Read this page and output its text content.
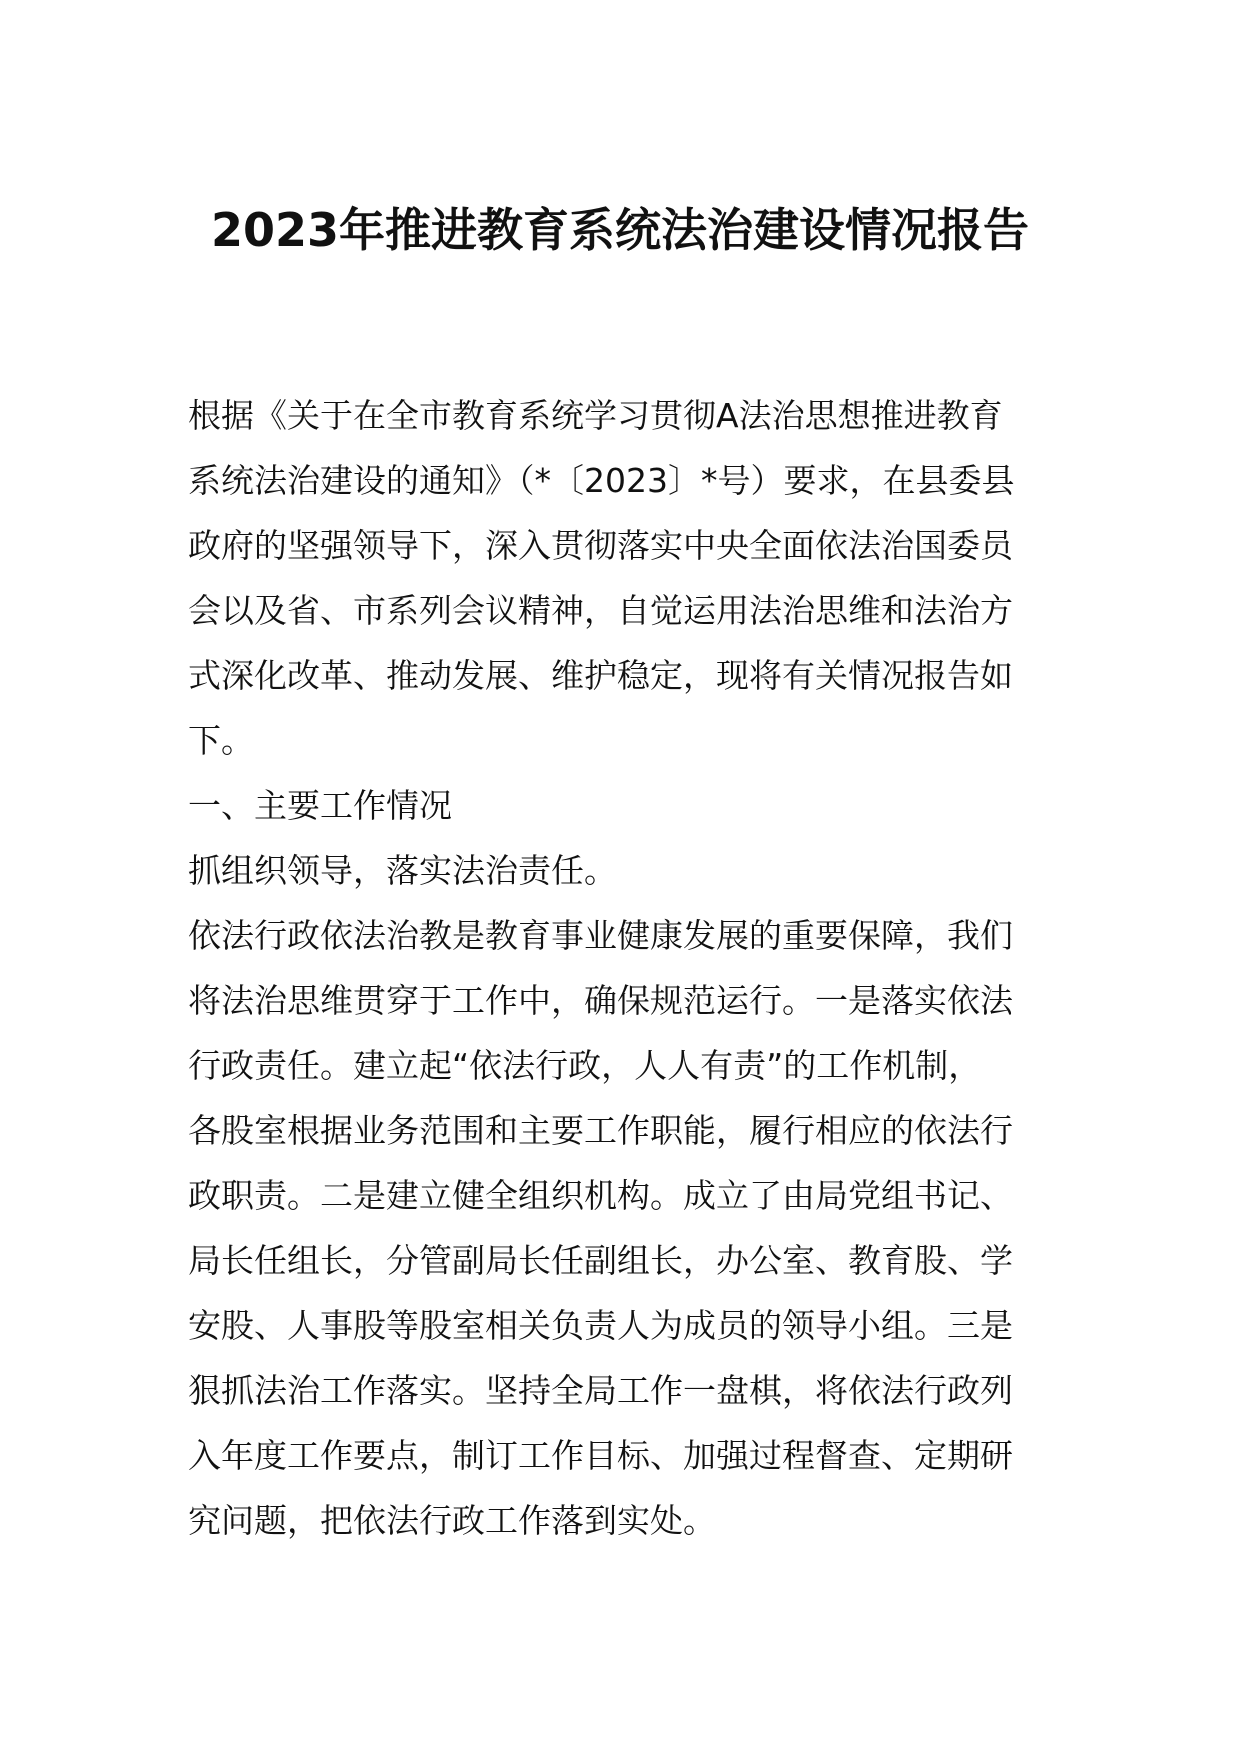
2023年推进教育系统法治建设情况报告
根据《关于在全市教育系统学习贯彻A法治思想推进教育
系统法治建设的通知》（*〔2023〕*号）要求，在县委县
政府的坚强领导下，深入贯彻落实中央全面依法治国委员
会以及省、市系列会议精神，自觉运用法治思维和法治方
式深化改革、推动发展、维护稳定，现将有关情况报告如
下。
一、主要工作情况
抓组织领导，落实法治责任。
依法行政依法治教是教育事业健康发展的重要保障，我们
将法治思维贯穿于工作中，确保规范运行。一是落实依法
行政责任。建立起“依法行政，人人有责”的工作机制，
各股室根据业务范围和主要工作职能，履行相应的依法行
政职责。二是建立健全组织机构。成立了由局党组书记、
局长任组长，分管副局长任副组长，办公室、教育股、学
安股、人事股等股室相关负责人为成员的领导小组。三是
狠抓法治工作落实。坚持全局工作一盘棋，将依法行政列
入年度工作要点，制订工作目标、加强过程督查、定期研
究问题，把依法行政工作落到实处。
